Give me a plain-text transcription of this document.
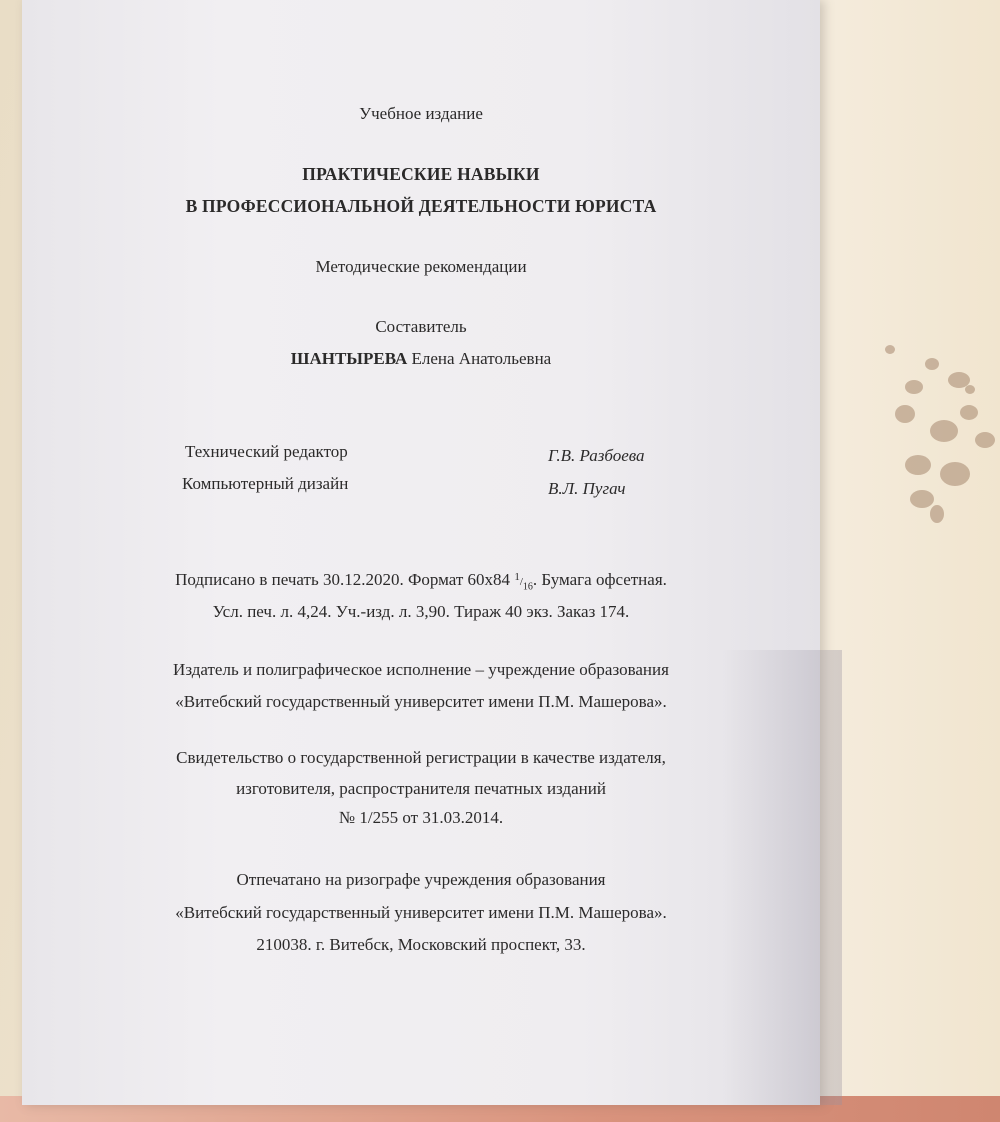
Учебное издание
ПРАКТИЧЕСКИЕ НАВЫКИ
В ПРОФЕССИОНАЛЬНОЙ ДЕЯТЕЛЬНОСТИ ЮРИСТА
Методические рекомендации
Составитель
ШАНТЫРЕВА Елена Анатольевна
Технический редактор	Г.В. Разбоева
Компьютерный дизайн	В.Л. Пугач
Подписано в печать 30.12.2020. Формат 60x84 $^1/_{16}$. Бумага офсетная.
Усл. печ. л. 4,24. Уч.-изд. л. 3,90. Тираж 40 экз. Заказ 174.
Издатель и полиграфическое исполнение – учреждение образования
«Витебский государственный университет имени П.М. Машерова».
Свидетельство о государственной регистрации в качестве издателя,
изготовителя, распространителя печатных изданий
№ 1/255 от 31.03.2014.
Отпечатано на ризографе учреждения образования
«Витебский государственный университет имени П.М. Машерова».
210038. г. Витебск, Московский проспект, 33.
